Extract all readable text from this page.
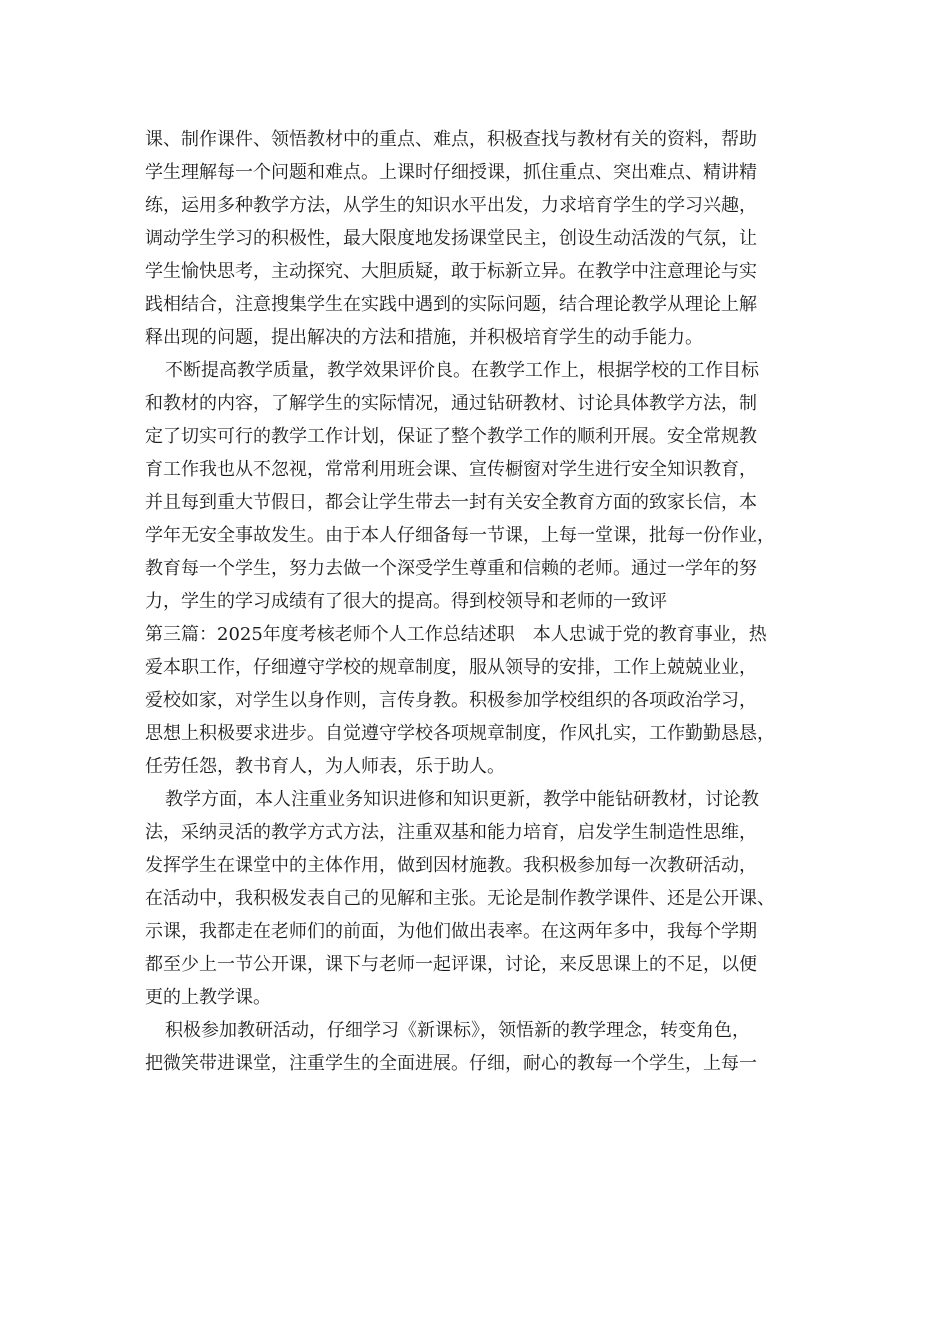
课、制作课件、领悟教材中的重点、难点，积极查找与教材有关的资料，帮助
学生理解每一个问题和难点。上课时仔细授课，抓住重点、突出难点、精讲精
练，运用多种教学方法，从学生的知识水平出发，力求培育学生的学习兴趣，
调动学生学习的积极性，最大限度地发扬课堂民主，创设生动活泼的气氛，让
学生愉快思考，主动探究、大胆质疑，敢于标新立异。在教学中注意理论与实
践相结合，注意搜集学生在实践中遇到的实际问题，结合理论教学从理论上解
释出现的问题，提出解决的方法和措施，并积极培育学生的动手能力。
不断提高教学质量，教学效果评价良。在教学工作上，根据学校的工作目标
和教材的内容，了解学生的实际情况，通过钻研教材、讨论具体教学方法，制
定了切实可行的教学工作计划，保证了整个教学工作的顺利开展。安全常规教
育工作我也从不忽视，常常利用班会课、宣传橱窗对学生进行安全知识教育，
并且每到重大节假日，都会让学生带去一封有关安全教育方面的致家长信，本
学年无安全事故发生。由于本人仔细备每一节课，上每一堂课，批每一份作业，
教育每一个学生，努力去做一个深受学生尊重和信赖的老师。通过一学年的努
力，学生的学习成绩有了很大的提高。得到校领导和老师的一致评
第三篇：2025年度考核老师个人工作总结述职　本人忠诚于党的教育事业，热
爱本职工作，仔细遵守学校的规章制度，服从领导的安排，工作上兢兢业业，
爱校如家，对学生以身作则，言传身教。积极参加学校组织的各项政治学习，
思想上积极要求进步。自觉遵守学校各项规章制度，作风扎实，工作勤勤恳恳，
任劳任怨，教书育人，为人师表，乐于助人。
教学方面，本人注重业务知识进修和知识更新，教学中能钻研教材，讨论教
法，采纳灵活的教学方式方法，注重双基和能力培育，启发学生制造性思维，
发挥学生在课堂中的主体作用，做到因材施教。我积极参加每一次教研活动，
在活动中，我积极发表自己的见解和主张。无论是制作教学课件、还是公开课、
示课，我都走在老师们的前面，为他们做出表率。在这两年多中，我每个学期
都至少上一节公开课，课下与老师一起评课，讨论，来反思课上的不足，以便
更的上教学课。
积极参加教研活动，仔细学习《新课标》，领悟新的教学理念，转变角色，
把微笑带进课堂，注重学生的全面进展。仔细，耐心的教每一个学生，上每一
